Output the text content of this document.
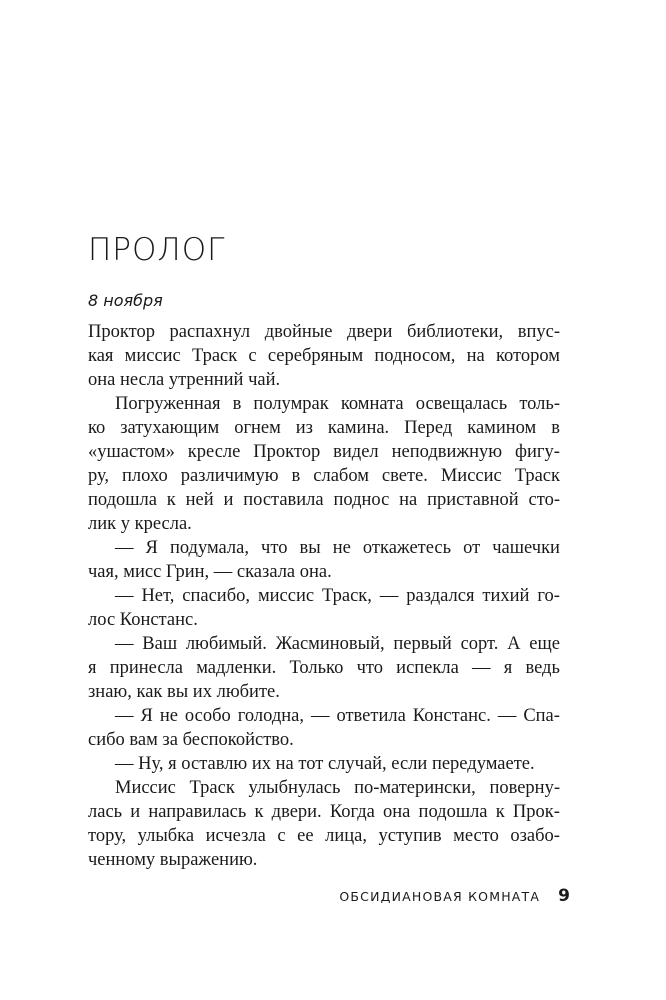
ПРОЛОГ
8 ноября
Проктор распахнул двойные двери библиотеки, впус-
кая миссис Траск с серебряным подносом, на котором
она несла утренний чай.
Погруженная в полумрак комната освещалась толь-
ко затухающим огнем из камина. Перед камином в
«ушастом» кресле Проктор видел неподвижную фигу-
ру, плохо различимую в слабом свете. Миссис Траск
подошла к ней и поставила поднос на приставной сто-
лик у кресла.
— Я подумала, что вы не откажетесь от чашечки
чая, мисс Грин, — сказала она.
— Нет, спасибо, миссис Траск, — раздался тихий го-
лос Констанс.
— Ваш любимый. Жасминовый, первый сорт. А еще
я принесла мадленки. Только что испекла — я ведь
знаю, как вы их любите.
— Я не особо голодна, — ответила Констанс. — Спа-
сибо вам за беспокойство.
— Ну, я оставлю их на тот случай, если передумаете.
Миссис Траск улыбнулась по-матерински, поверну-
лась и направилась к двери. Когда она подошла к Прок-
тору, улыбка исчезла с ее лица, уступив место озабо-
ченному выражению.
ОБСИДИАНОВАЯ КОМНАТА 9
